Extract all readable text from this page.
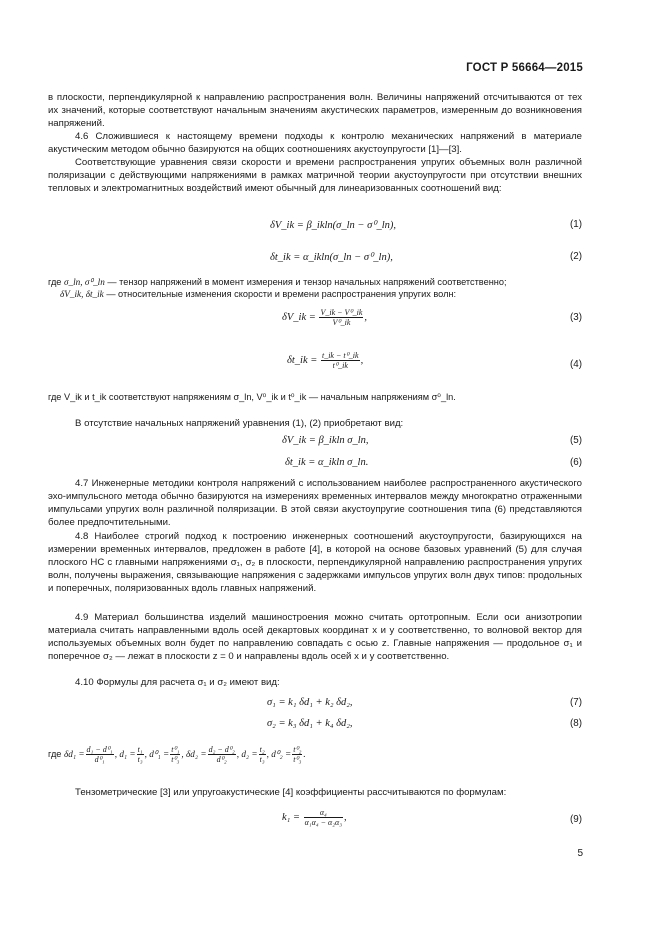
ГОСТ Р 56664—2015

в плоскости, перпендикулярной к направлению распространения волн. Величины напряжений отсчитываются от тех их значений, которые соответствуют начальным значениям акустических параметров, измеренным до возникновения напряжений.

4.6 Сложившиеся к настоящему времени подходы к контролю механических напряжений в материале акустическим методом обычно базируются на общих соотношениях акустоупругости [1]—[3].

Соответствующие уравнения связи скорости и времени распространения упругих объемных волн различной поляризации с действующими напряжениями в рамках матричной теории акустоупругости при отсутствии внешних тепловых и электромагнитных воздействий имеют обычный для линеаризованных соотношений вид:

δV_ik = β_ikln(σ_ln − σ⁰_ln),	(1)
δt_ik = α_ikln(σ_ln − σ⁰_ln),	(2)
где σ_ln, σ⁰_ln — тензор напряжений в момент измерения и тензор начальных напряжений соответственно;
δV_ik, δt_ik — относительные изменения скорости и времени распространения упругих волн:
δV_ik = $\frac{\text{V\_ik − V⁰\_ik}}{\text{V⁰\_ik}}$ ,	(3)
δt_ik = $\frac{\text{t\_ik − t⁰\_ik}}{\text{t⁰\_ik}}$ ,	(4)
где V_ik и t_ik соответствуют напряжениям σ_ln, V⁰_ik и t⁰_ik — начальным напряжениям σ⁰_ln.

В отсутствие начальных напряжений уравнения (1), (2) приобретают вид:

δV_ik = β_ikln σ_ln,	(5)
δt_ik = α_ikln σ_ln.	(6)

4.7 Инженерные методики контроля напряжений с использованием наиболее распространенного акустического эхо-импульсного метода обычно базируются на измерениях временных интервалов между многократно отраженными импульсами упругих волн различной поляризации. В этой связи акустоупругие соотношения типа (6) представляются более предпочтительными.

4.8 Наиболее строгий подход к построению инженерных соотношений акустоупругости, базирующихся на измерении временных интервалов, предложен в работе [4], в которой на основе базовых уравнений (5) для случая плоского НС с главными напряжениями σ₁, σ₂ в плоскости, перпендикулярной направлению распространения упругих волн, получены выражения, связывающие напряжения с задержками импульсов упругих волн двух типов: продольных и поперечных, поляризованных вдоль главных напряжений.

4.9 Материал большинства изделий машиностроения можно считать ортотропным. Если оси анизотропии материала считать направленными вдоль осей декартовых координат x и y соответственно, то волновой вектор для используемых объемных волн будет по направлению совпадать с осью z. Главные напряжения — продольное σ₁ и поперечное σ₂ — лежат в плоскости z = 0 и направлены вдоль осей x и y соответственно.

4.10 Формулы для расчета σ₁ и σ₂ имеют вид:

σ₁ = k₁ δd₁ + k₂ δd₂,	(7)
σ₂ = k₃ δd₁ + k₄ δd₂,	(8)
где $\delta d_1 = \frac{\text{d₁ − d⁰₁}}{\text{d⁰₁}}$ , $d_1 = \frac{\text{t₁}}{\text{t₃}}$ , $d^0_1 = \frac{\text{t⁰₁}}{\text{t⁰₃}}$ , $\delta d_2 = \frac{\text{d₂ − d⁰₂}}{\text{d⁰₂}}$ , $d_2 = \frac{\text{t₂}}{\text{t₃}}$ , $d^0_2 = \frac{\text{t⁰₂}}{\text{t⁰₃}}$ .

Тензометрические [3] или упругоакустические [4] коэффициенты рассчитываются по формулам:

$k_1 = \frac{\text{α₄}}{\text{α₁α₄ − α₂α₃}}$ ,	(9)
5
